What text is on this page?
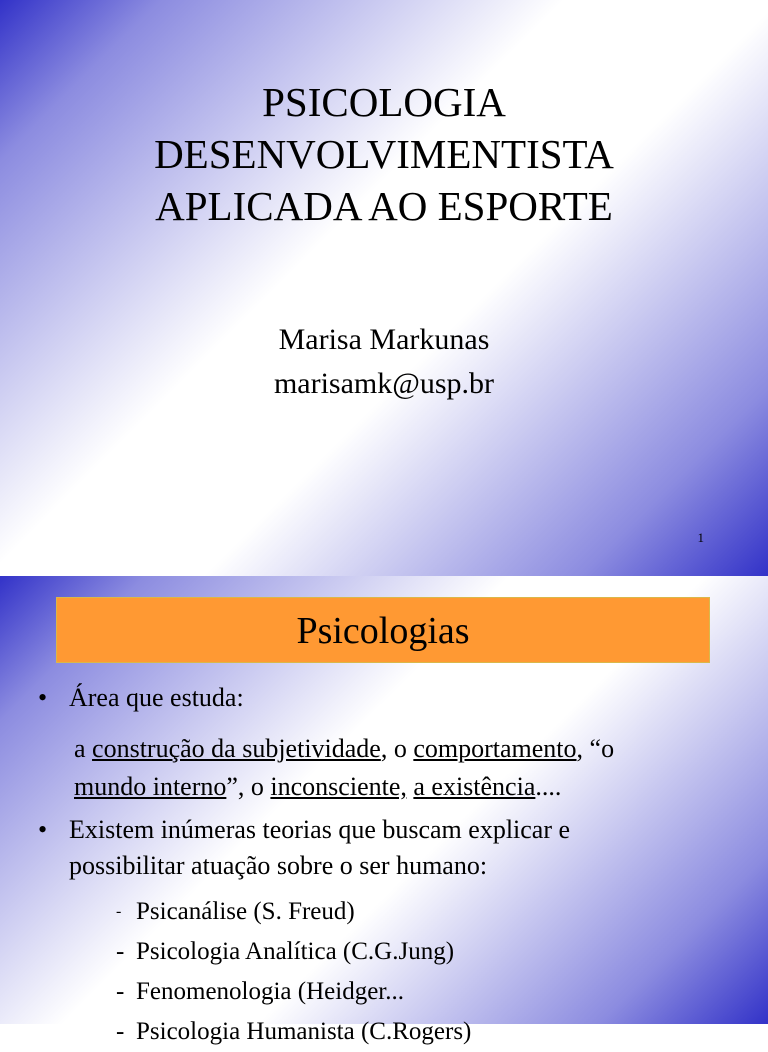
PSICOLOGIA
DESENVOLVIMENTISTA
APLICADA AO ESPORTE
Marisa Markunas
marisamk@usp.br
1
Psicologias
• Área que estuda:
a construção da subjetividade, o comportamento, “o
mundo interno”, o inconsciente, a existência....
• Existem inúmeras teorias que buscam explicar e
possibilitar atuação sobre o ser humano:
- Psicanálise (S. Freud)
- Psicologia Analítica (C.G.Jung)
- Fenomenologia (Heidger...
- Psicologia Humanista (C.Rogers)
